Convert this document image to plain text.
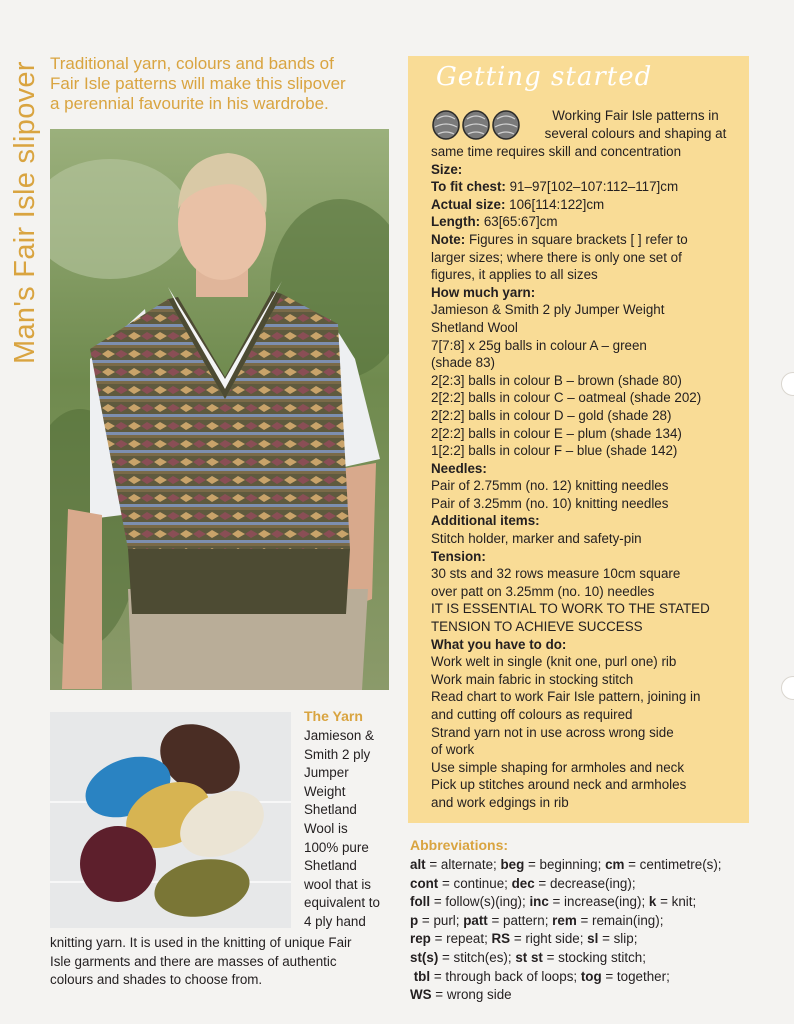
Man's Fair Isle slipover Traditional yarn, colours and bands of
Fair Isle patterns will make this slipover
a perennial favourite in his wardrobe.
The Yarn
Jamieson &
Smith 2 ply
Jumper
Weight
Shetland
Wool is
100% pure
Shetland
wool that is
equivalent to
4 ply hand
knitting yarn. It is used in the knitting of unique Fair
Isle garments and there are masses of authentic
colours and shades to choose from.
Getting started
Working Fair Isle patterns in
several colours and shaping at
same time requires skill and concentration
Size:
To fit chest: 91–97[102–107:112–117]cm
Actual size: 106[114:122]cm
Length: 63[65:67]cm
Note: Figures in square brackets [ ] refer to
larger sizes; where there is only one set of
figures, it applies to all sizes
How much yarn:
Jamieson & Smith 2 ply Jumper Weight
Shetland Wool
7[7:8] x 25g balls in colour A – green
(shade 83)
2[2:3] balls in colour B – brown (shade 80)
2[2:2] balls in colour C – oatmeal (shade 202)
2[2:2] balls in colour D – gold (shade 28)
2[2:2] balls in colour E – plum (shade 134)
1[2:2] balls in colour F – blue (shade 142)
Needles:
Pair of 2.75mm (no. 12) knitting needles
Pair of 3.25mm (no. 10) knitting needles
Additional items:
Stitch holder, marker and safety-pin
Tension:
30 sts and 32 rows measure 10cm square
over patt on 3.25mm (no. 10) needles
IT IS ESSENTIAL TO WORK TO THE STATED
TENSION TO ACHIEVE SUCCESS
What you have to do:
Work welt in single (knit one, purl one) rib
Work main fabric in stocking stitch
Read chart to work Fair Isle pattern, joining in
and cutting off colours as required
Strand yarn not in use across wrong side
of work
Use simple shaping for armholes and neck
Pick up stitches around neck and armholes
and work edgings in rib
Abbreviations:
alt = alternate; beg = beginning; cm = centimetre(s);
cont = continue; dec = decrease(ing);
foll = follow(s)(ing); inc = increase(ing); k = knit;
p = purl; patt = pattern; rem = remain(ing);
rep = repeat; RS = right side; sl = slip;
st(s) = stitch(es); st st = stocking stitch;
tbl = through back of loops; tog = together;
WS = wrong side
